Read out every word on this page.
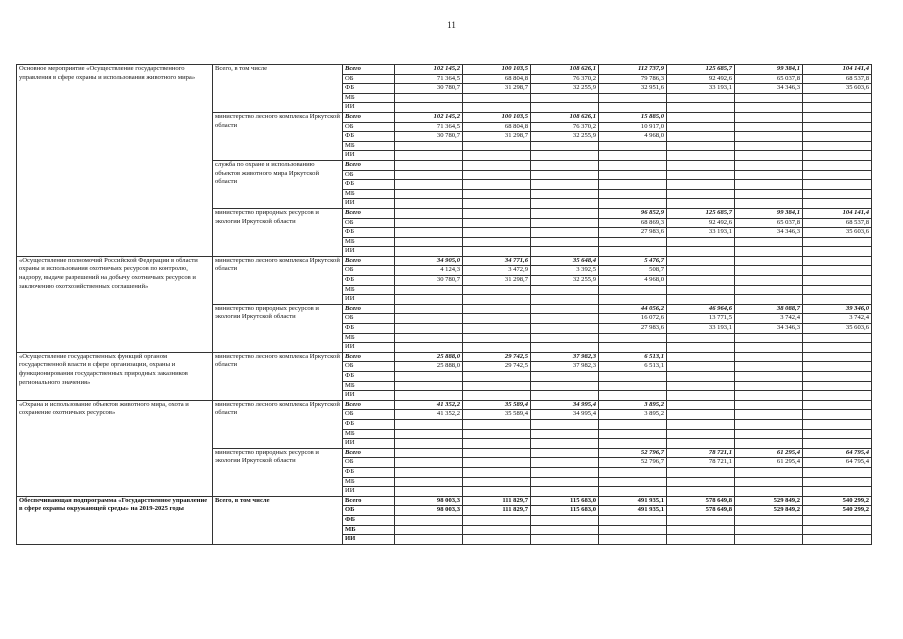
11
Основное мероприятие «Осуществление государственного управления в сфере охраны и использования животного мира»	Всего, в том числе	Всего	102 145,2	100 103,5	108 626,1	112 737,9	125 685,7	99 384,1	104 141,4
		ОБ	71 364,5	68 804,8	76 370,2	79 786,3	92 492,6	65 037,8	68 537,8
		ФБ	30 780,7	31 298,7	32 255,9	32 951,6	33 193,1	34 346,3	35 603,6
		МБ							
		ИИ							
	министерство лесного комплекса Иркутской области	Всего	102 145,2	100 103,5	108 626,1	15 885,0			
		ОБ	71 364,5	68 804,8	76 370,2	10 917,0			
		ФБ	30 780,7	31 298,7	32 255,9	4 968,0			
		МБ							
		ИИ							
	служба по охране и использованию объектов животного мира Иркутской области	Всего							
		ОБ							
		ФБ							
		МБ							
		ИИ							
	министерство природных ресурсов и экологии Иркутской области	Всего				96 852,9	125 685,7	99 384,1	104 141,4
		ОБ				68 869,3	92 492,6	65 037,8	68 537,8
		ФБ				27 983,6	33 193,1	34 346,3	35 603,6
		МБ							
		ИИ							
«Осуществление полномочий Российской Федерации в области охраны и использования охотничьих ресурсов по контролю, надзору, выдаче разрешений на добычу охотничьих ресурсов и заключению охотхозяйственных соглашений»	министерство лесного комплекса Иркутской области	Всего	34 905,0	34 771,6	35 648,4	5 476,7			
		ОБ	4 124,3	3 472,9	3 392,5	508,7			
		ФБ	30 780,7	31 298,7	32 255,9	4 968,0			
		МБ							
		ИИ							
	министерство природных ресурсов и экологии Иркутской области	Всего				44 056,2	46 964,6	38 088,7	39 346,0
		ОБ				16 072,6	13 771,5	3 742,4	3 742,4
		ФБ				27 983,6	33 193,1	34 346,3	35 603,6
		МБ							
		ИИ							
«Осуществление государственных функций органом государственной власти в сфере организации, охраны и функционирования государственных природных заказников регионального значения»	министерство лесного комплекса Иркутской области	Всего	25 888,0	29 742,5	37 982,3	6 513,1			
		ОБ	25 888,0	29 742,5	37 982,3	6 513,1			
		ФБ							
		МБ							
		ИИ							
«Охрана и использование объектов животного мира, охота и сохранение охотничьих ресурсов»	министерство лесного комплекса Иркутской области	Всего	41 352,2	35 589,4	34 995,4	3 895,2			
		ОБ	41 352,2	35 589,4	34 995,4	3 895,2			
		ФБ							
		МБ							
		ИИ							
	министерство природных ресурсов и экологии Иркутской области	Всего				52 796,7	78 721,1	61 295,4	64 795,4
		ОБ				52 796,7	78 721,1	61 295,4	64 795,4
		ФБ							
		МБ							
		ИИ							
Обеспечивающая подпрограмма «Государственное управление в сфере охраны окружающей среды» на 2019-2025 годы	Всего, в том числе	Всего	98 003,3	111 829,7	115 683,0	491 935,1	578 649,8	529 849,2	540 299,2
		ОБ	98 003,3	111 829,7	115 683,0	491 935,1	578 649,8	529 849,2	540 299,2
		ФБ							
		МБ							
		ИИ							
